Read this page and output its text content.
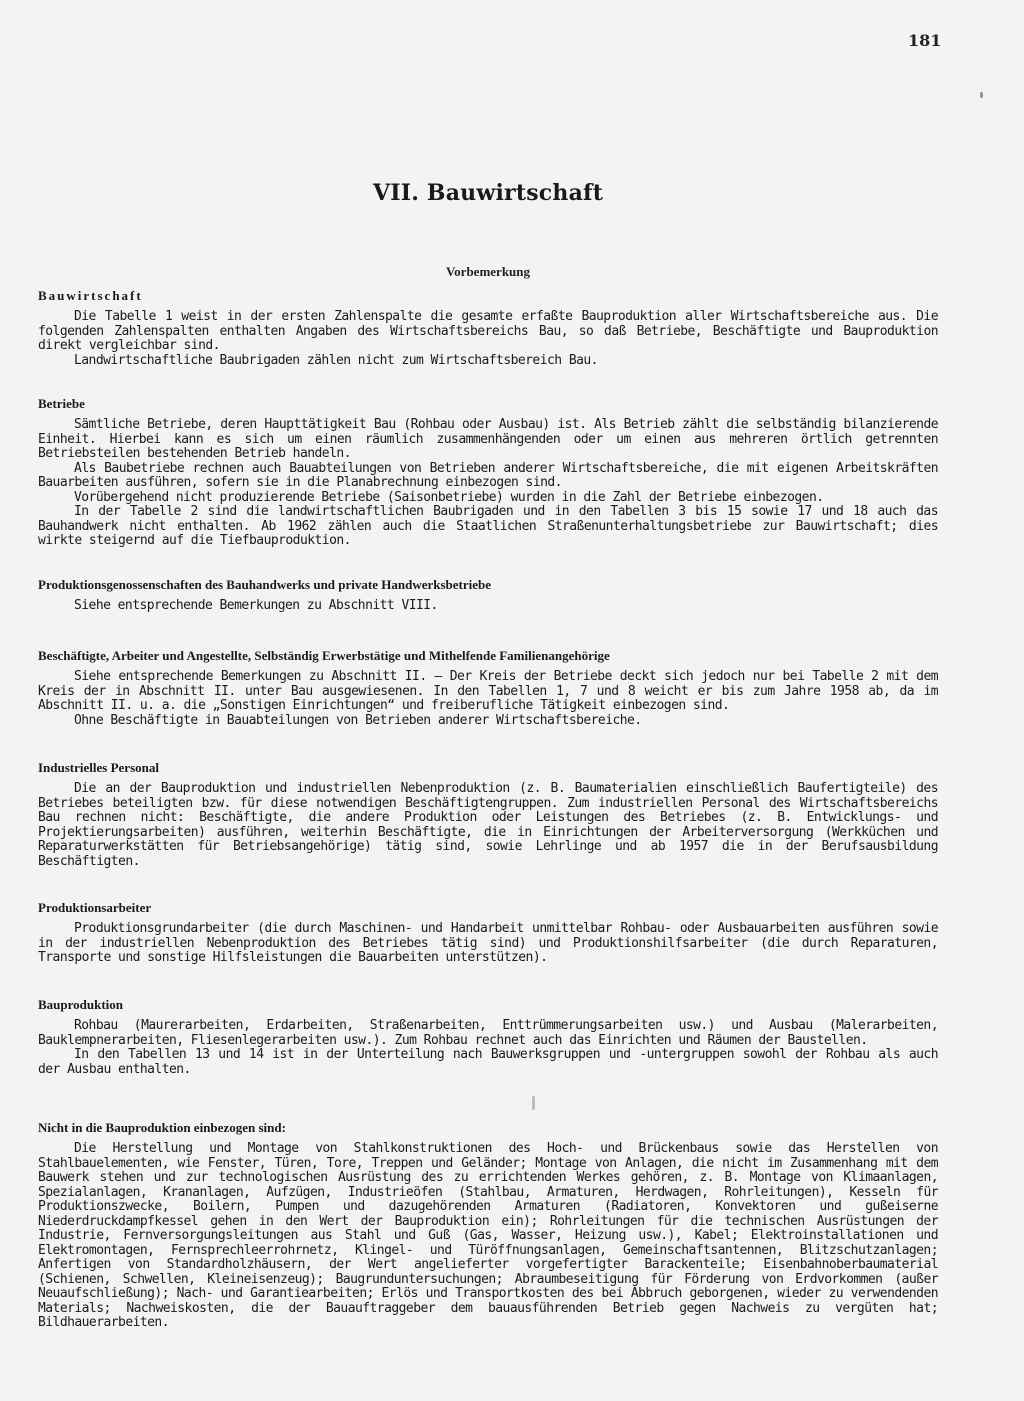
181
VII. Bauwirtschaft
Vorbemerkung
Bauwirtschaft

Die Tabelle 1 weist in der ersten Zahlenspalte die gesamte erfaßte Bauproduktion aller Wirtschaftsbereiche aus. Die folgenden Zahlenspalten enthalten Angaben des Wirtschaftsbereichs Bau, so daß Betriebe, Beschäftigte und Bauproduktion direkt vergleichbar sind.

Landwirtschaftliche Baubrigaden zählen nicht zum Wirtschaftsbereich Bau.

Betriebe

Sämtliche Betriebe, deren Haupttätigkeit Bau (Rohbau oder Ausbau) ist. Als Betrieb zählt die selbständig bilanzierende Einheit. Hierbei kann es sich um einen räumlich zusammenhängenden oder um einen aus mehreren örtlich getrennten Betriebsteilen bestehenden Betrieb handeln.

Als Baubetriebe rechnen auch Bauabteilungen von Betrieben anderer Wirtschaftsbereiche, die mit eigenen Arbeitskräften Bauarbeiten ausführen, sofern sie in die Planabrechnung einbezogen sind.

Vorübergehend nicht produzierende Betriebe (Saisonbetriebe) wurden in die Zahl der Betriebe einbezogen.

In der Tabelle 2 sind die landwirtschaftlichen Baubrigaden und in den Tabellen 3 bis 15 sowie 17 und 18 auch das Bauhandwerk nicht enthalten. Ab 1962 zählen auch die Staatlichen Straßenunterhaltungsbetriebe zur Bauwirtschaft; dies wirkte steigernd auf die Tiefbauproduktion.

Produktionsgenossenschaften des Bauhandwerks und private Handwerksbetriebe

Siehe entsprechende Bemerkungen zu Abschnitt VIII.

Beschäftigte, Arbeiter und Angestellte, Selbständig Erwerbstätige und Mithelfende Familienangehörige

Siehe entsprechende Bemerkungen zu Abschnitt II. — Der Kreis der Betriebe deckt sich jedoch nur bei Tabelle 2 mit dem Kreis der in Abschnitt II. unter Bau ausgewiesenen. In den Tabellen 1, 7 und 8 weicht er bis zum Jahre 1958 ab, da im Abschnitt II. u. a. die „Sonstigen Einrichtungen“ und freiberufliche Tätigkeit einbezogen sind.

Ohne Beschäftigte in Bauabteilungen von Betrieben anderer Wirtschaftsbereiche.

Industrielles Personal

Die an der Bauproduktion und industriellen Nebenproduktion (z. B. Baumaterialien einschließlich Baufertigteile) des Betriebes beteiligten bzw. für diese notwendigen Beschäftigtengruppen. Zum industriellen Personal des Wirtschaftsbereichs Bau rechnen nicht: Beschäftigte, die andere Produktion oder Leistungen des Betriebes (z. B. Entwicklungs- und Projektierungsarbeiten) ausführen, weiterhin Beschäftigte, die in Einrichtungen der Arbeiterversorgung (Werkküchen und Reparaturwerkstätten für Betriebsangehörige) tätig sind, sowie Lehrlinge und ab 1957 die in der Berufsausbildung Beschäftigten.

Produktionsarbeiter

Produktionsgrundarbeiter (die durch Maschinen- und Handarbeit unmittelbar Rohbau- oder Ausbauarbeiten ausführen sowie in der industriellen Nebenproduktion des Betriebes tätig sind) und Produktionshilfsarbeiter (die durch Reparaturen, Transporte und sonstige Hilfsleistungen die Bauarbeiten unterstützen).

Bauproduktion

Rohbau (Maurerarbeiten, Erdarbeiten, Straßenarbeiten, Enttrümmerungsarbeiten usw.) und Ausbau (Malerarbeiten, Bauklempnerarbeiten, Fliesenlegerarbeiten usw.). Zum Rohbau rechnet auch das Einrichten und Räumen der Baustellen.

In den Tabellen 13 und 14 ist in der Unterteilung nach Bauwerksgruppen und -untergruppen sowohl der Rohbau als auch der Ausbau enthalten.

Nicht in die Bauproduktion einbezogen sind:

Die Herstellung und Montage von Stahlkonstruktionen des Hoch- und Brückenbaus sowie das Herstellen von Stahlbauelementen, wie Fenster, Türen, Tore, Treppen und Geländer; Montage von Anlagen, die nicht im Zusammenhang mit dem Bauwerk stehen und zur technologischen Ausrüstung des zu errichtenden Werkes gehören, z. B. Montage von Klimaanlagen, Spezialanlagen, Krananlagen, Aufzügen, Industrieöfen (Stahlbau, Armaturen, Herdwagen, Rohrleitungen), Kesseln für Produktionszwecke, Boilern, Pumpen und dazugehörenden Armaturen (Radiatoren, Konvektoren und gußeiserne Niederdruckdampfkessel gehen in den Wert der Bauproduktion ein); Rohrleitungen für die technischen Ausrüstungen der Industrie, Fernversorgungsleitungen aus Stahl und Guß (Gas, Wasser, Heizung usw.), Kabel; Elektroinstallationen und Elektromontagen, Fernsprechleerrohrnetz, Klingel- und Türöffnungsanlagen, Gemeinschaftsantennen, Blitzschutzanlagen; Anfertigen von Standardholzhäusern, der Wert angelieferter vorgefertigter Barackenteile; Eisenbahnoberbaumaterial (Schienen, Schwellen, Kleineisenzeug); Baugrunduntersuchungen; Abraumbeseitigung für Förderung von Erdvorkommen (außer Neuaufschließung); Nach- und Garantiearbeiten; Erlös und Transportkosten des bei Abbruch geborgenen, wieder zu verwendenden Materials; Nachweiskosten, die der Bauauftraggeber dem bauausführenden Betrieb gegen Nachweis zu vergüten hat; Bildhauerarbeiten.
